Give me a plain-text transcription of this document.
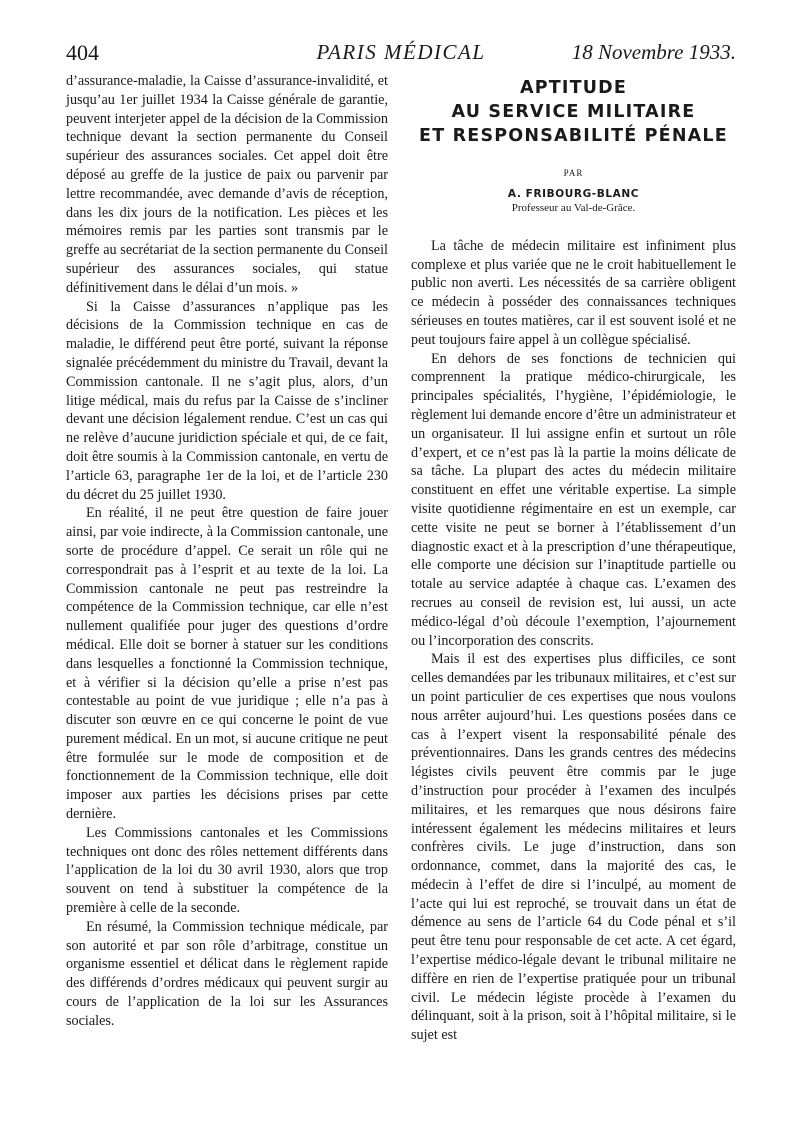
404	PARIS MÉDICAL	18 Novembre 1933.

d’assurance-maladie, la Caisse d’assurance-invalidité, et jusqu’au 1er juillet 1934 la Caisse générale de garantie, peuvent interjeter appel de la décision de la Commission technique devant la section permanente du Conseil supérieur des assurances sociales. Cet appel doit être déposé au greffe de la justice de paix ou parvenir par lettre recommandée, avec demande d’avis de réception, dans les dix jours de la notification. Les pièces et les mémoires remis par les parties sont transmis par le greffe au secrétariat de la section permanente du Conseil supérieur des assurances sociales, qui statue définitivement dans le délai d’un mois. »

Si la Caisse d’assurances n’applique pas les décisions de la Commission technique en cas de maladie, le différend peut être porté, suivant la réponse signalée précédemment du ministre du Travail, devant la Commission cantonale. Il ne s’agit plus, alors, d’un litige médical, mais du refus par la Caisse de s’incliner devant une décision légalement rendue. C’est un cas qui ne relève d’aucune juridiction spéciale et qui, de ce fait, doit être soumis à la Commission cantonale, en vertu de l’article 63, paragraphe 1er de la loi, et de l’article 230 du décret du 25 juillet 1930.

En réalité, il ne peut être question de faire jouer ainsi, par voie indirecte, à la Commission cantonale, une sorte de procédure d’appel. Ce serait un rôle qui ne correspondrait pas à l’esprit et au texte de la loi. La Commission cantonale ne peut pas restreindre la compétence de la Commission technique, car elle n’est nullement qualifiée pour juger des questions d’ordre médical. Elle doit se borner à statuer sur les conditions dans lesquelles a fonctionné la Commission technique, et à vérifier si la décision qu’elle a prise n’est pas contestable au point de vue juridique ; elle n’a pas à discuter son œuvre en ce qui concerne le point de vue purement médical. En un mot, si aucune critique ne peut être formulée sur le mode de composition et de fonctionnement de la Commission technique, elle doit imposer aux parties les décisions prises par cette dernière.

Les Commissions cantonales et les Commissions techniques ont donc des rôles nettement différents dans l’application de la loi du 30 avril 1930, alors que trop souvent on tend à substituer la compétence de la première à celle de la seconde.

En résumé, la Commission technique médicale, par son autorité et par son rôle d’arbitrage, constitue un organisme essentiel et délicat dans le règlement rapide des différends d’ordres médicaux qui peuvent surgir au cours de l’application de la loi sur les Assurances sociales.

APTITUDE
AU SERVICE MILITAIRE
ET RESPONSABILITÉ PÉNALE
PAR
A. FRIBOURG-BLANC
Professeur au Val-de-Grâce.

La tâche de médecin militaire est infiniment plus complexe et plus variée que ne le croit habituellement le public non averti. Les nécessités de sa carrière obligent ce médecin à posséder des connaissances techniques sérieuses en toutes matières, car il est souvent isolé et ne peut toujours faire appel à un collègue spécialisé.

En dehors de ses fonctions de technicien qui comprennent la pratique médico-chirurgicale, les principales spécialités, l’hygiène, l’épidémiologie, le règlement lui demande encore d’être un administrateur et un organisateur. Il lui assigne enfin et surtout un rôle d’expert, et ce n’est pas là la partie la moins délicate de sa tâche. La plupart des actes du médecin militaire constituent en effet une véritable expertise. La simple visite quotidienne régimentaire en est un exemple, car cette visite ne peut se borner à l’établissement d’un diagnostic exact et à la prescription d’une thérapeutique, elle comporte une décision sur l’inaptitude partielle ou totale au service adaptée à chaque cas. L’examen des recrues au conseil de revision est, lui aussi, un acte médico-légal d’où découle l’exemption, l’ajournement ou l’incorporation des conscrits.

Mais il est des expertises plus difficiles, ce sont celles demandées par les tribunaux militaires, et c’est sur un point particulier de ces expertises que nous voulons nous arrêter aujourd’hui. Les questions posées dans ce cas à l’expert visent la responsabilité pénale des préventionnaires. Dans les grands centres des médecins légistes civils peuvent être commis par le juge d’instruction pour procéder à l’examen des inculpés militaires, et les remarques que nous désirons faire intéressent également les médecins militaires et leurs confrères civils. Le juge d’instruction, dans son ordonnance, commet, dans la majorité des cas, le médecin à l’effet de dire si l’inculpé, au moment de l’acte qui lui est reproché, se trouvait dans un état de démence au sens de l’article 64 du Code pénal et s’il peut être tenu pour responsable de cet acte. A cet égard, l’expertise médico-légale devant le tribunal militaire ne diffère en rien de l’expertise pratiquée pour un tribunal civil. Le médecin légiste procède à l’examen du délinquant, soit à la prison, soit à l’hôpital militaire, si le sujet est
